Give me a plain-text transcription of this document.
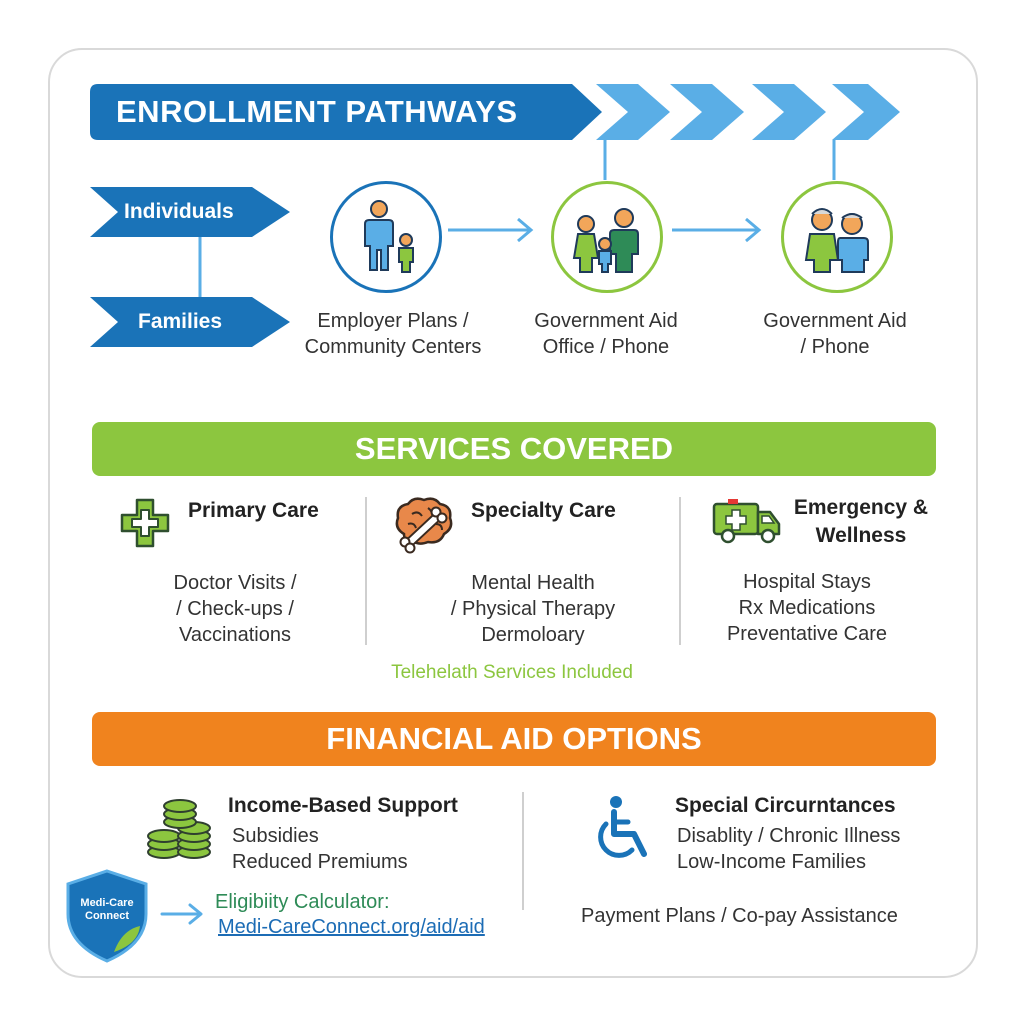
ENROLLMENT PATHWAYS
Individuals
Families	Employer Plans /
Community Centers
Government Aid
Office / Phone
Government Aid
/ Phone
SERVICES COVERED
Primary Care
Doctor Visits /
/ Check-ups /
Vaccinations
Specialty Care
Mental Health
/ Physical Therapy
Dermoloary
Emergency &
Wellness
Hospital Stays
Rx Medications
Preventative Care
Telehelath Services Included
FINANCIAL AID OPTIONS
Income-Based Support
Subsidies
Reduced Premiums
Special Circurntances
Disablity / Chronic Illness
Low-Income Families
Payment Plans / Co-pay Assistance
Medi-Care
Connect
Eligibiity Calculator:
Medi-CareConnect.org/aid/aid
